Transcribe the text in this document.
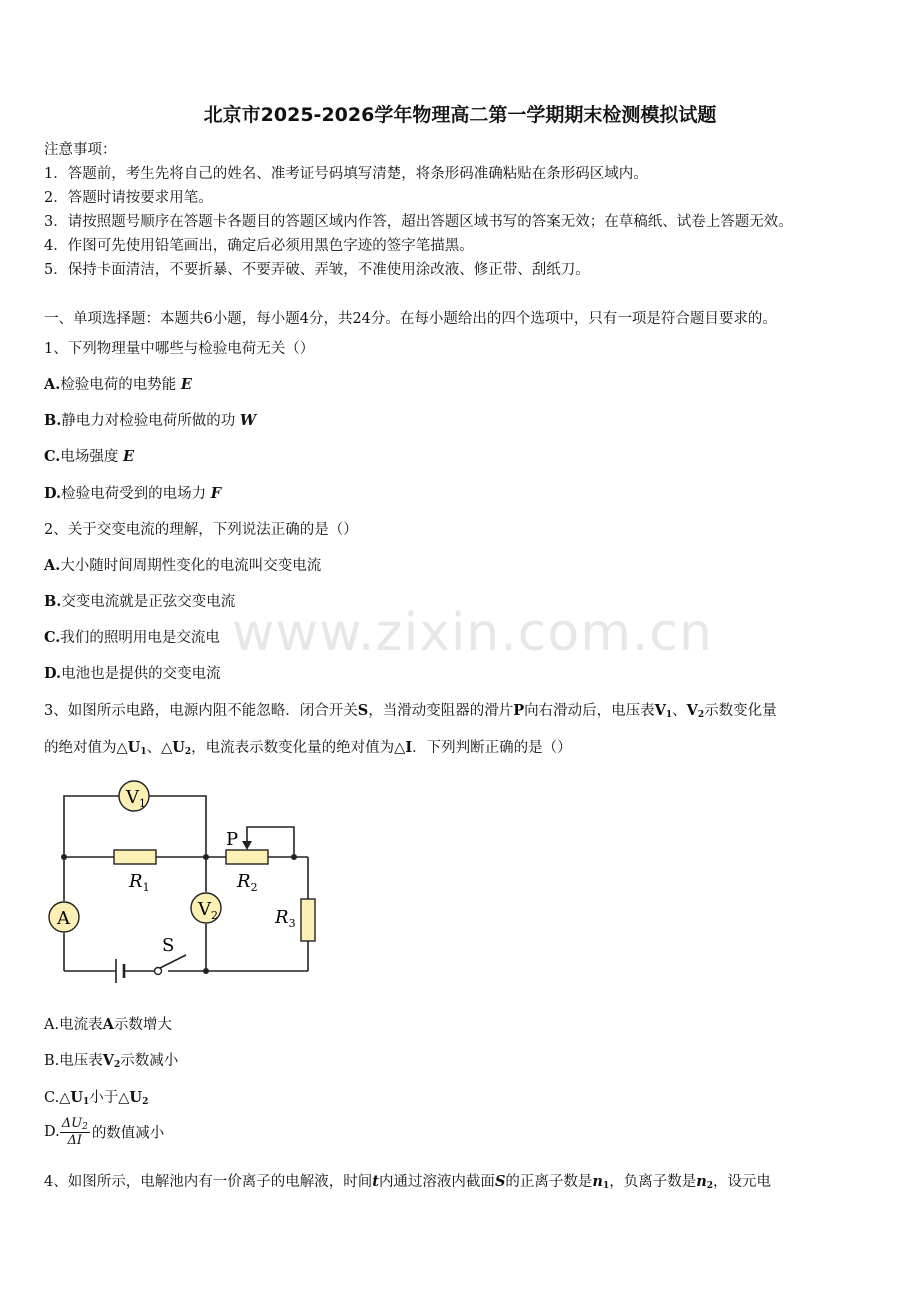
www.zixin.com.cn
北京市2025-2026学年物理高二第一学期期末检测模拟试题
注意事项：
1．答题前，考生先将自己的姓名、准考证号码填写清楚，将条形码准确粘贴在条形码区域内。
2．答题时请按要求用笔。
3．请按照题号顺序在答题卡各题目的答题区域内作答，超出答题区域书写的答案无效；在草稿纸、试卷上答题无效。
4．作图可先使用铅笔画出，确定后必须用黑色字迹的签字笔描黑。
5．保持卡面清洁，不要折暴、不要弄破、弄皱，不准使用涂改液、修正带、刮纸刀。
一、单项选择题：本题共6小题，每小题4分，共24分。在每小题给出的四个选项中，只有一项是符合题目要求的。
1、下列物理量中哪些与检验电荷无关（）
A.检验电荷的电势能 E
B.静电力对检验电荷所做的功 W
C.电场强度 E
D.检验电荷受到的电场力 F
2、关于交变电流的理解，下列说法正确的是（）
A.大小随时间周期性变化的电流叫交变电流
B.交变电流就是正弦交变电流
C.我们的照明用电是交流电
D.电池也是提供的交变电流
3、如图所示电路，电源内阻不能忽略．闭合开关S，当滑动变阻器的滑片P向右滑动后，电压表$V_1$、$V_2$示数变化量
的绝对值为$\triangle U_1$、$\triangle U_2$，电流表示数变化量的绝对值为△I．下列判断正确的是（）
$V_1$
$V_2$
A
$R_1$	$R_2$
$R_3$
P
S
A.电流表A示数增大
B.电压表$V_2$示数减小
$C.\triangle U_1$小于$\triangle U_2$
D. $\frac{\Delta U_2}{\Delta I}$ 的数值减小
4、如图所示，电解池内有一价离子的电解液，时间t内通过溶液内截面S的正离子数是$n_1$，负离子数是$n_2$，设元电
